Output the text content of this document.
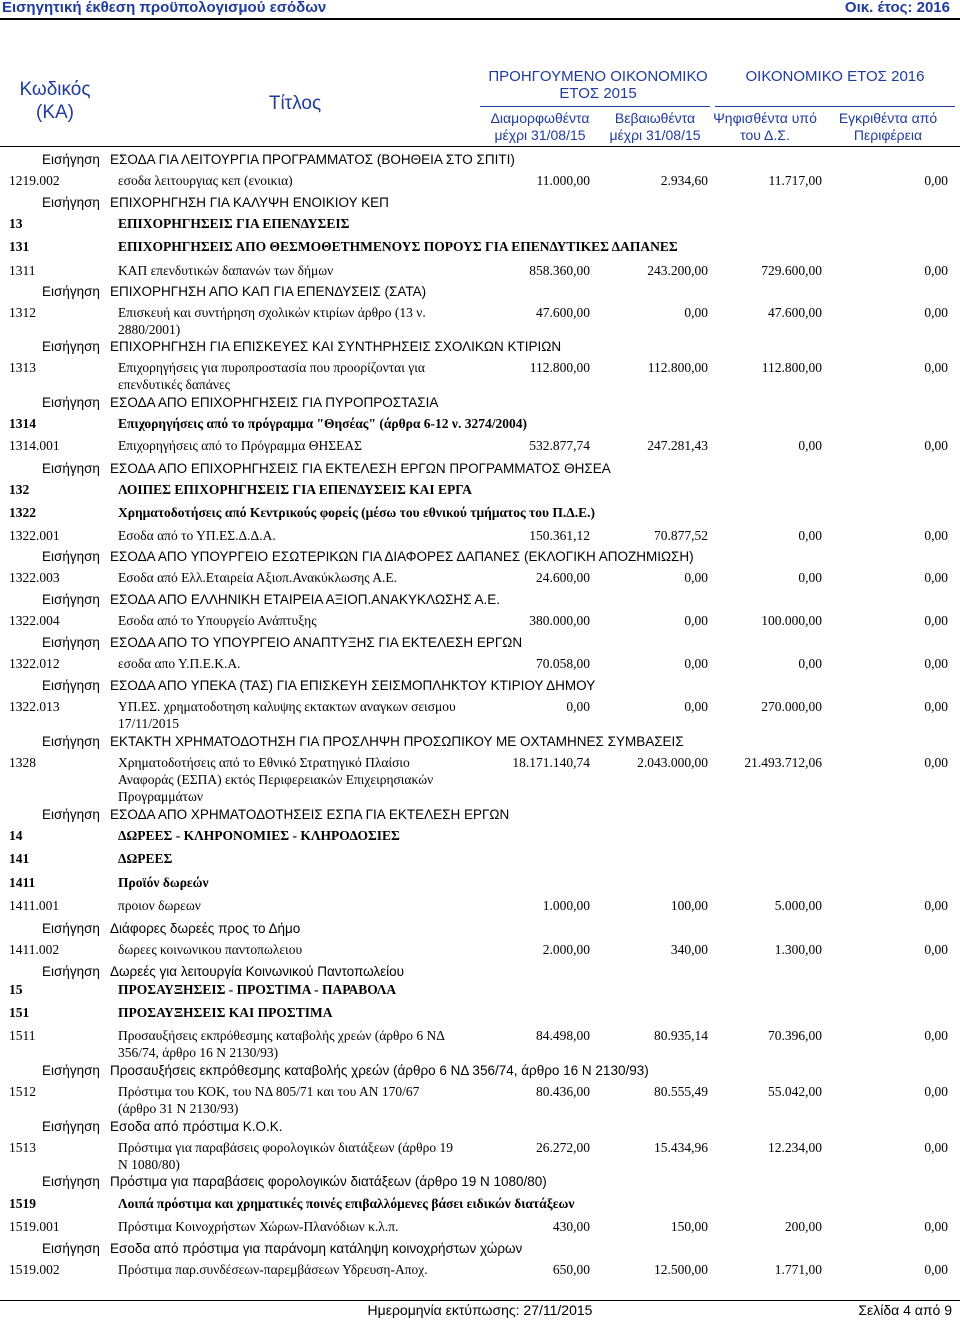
Εισηγητική έκθεση προϋπολογισμού εσόδων	Οικ. έτος: 2016
Κωδικός (ΚΑ)	Τίτλος
ΠΡΟΗΓΟΥΜΕΝΟ ΟΙΚΟΝΟΜΙΚΟ ΕΤΟΣ 2015
ΟΙΚΟΝΟΜΙΚΟ ΕΤΟΣ 2016
Διαμορφωθέντα μέχρι 31/08/15
Βεβαιωθέντα μέχρι 31/08/15
Ψηφισθέντα υπό του Δ.Σ.
Εγκριθέντα από Περιφέρεια
Εισήγηση ΕΣΟΔΑ ΓΙΑ ΛΕΙΤΟΥΡΓΙΑ ΠΡΟΓΡΑΜΜΑΤΟΣ (ΒΟΗΘΕΙΑ ΣΤΟ ΣΠΙΤΙ)
1219.002	εσοδα λειτουργιας κεπ (ενοικια)	11.000,00	2.934,60	11.717,00	0,00
Εισήγηση ΕΠΙΧΟΡΗΓΗΣΗ ΓΙΑ ΚΑΛΥΨΗ ΕΝΟΙΚΙΟΥ ΚΕΠ
13	ΕΠΙΧΟΡΗΓΗΣΕΙΣ ΓΙΑ ΕΠΕΝΔΥΣΕΙΣ
131	ΕΠΙΧΟΡΗΓΗΣΕΙΣ ΑΠΟ ΘΕΣΜΟΘΕΤΗΜΕΝΟΥΣ ΠΟΡΟΥΣ ΓΙΑ ΕΠΕΝΔΥΤΙΚΕΣ ΔΑΠΑΝΕΣ
1311	ΚΑΠ επενδυτικών δαπανών των δήμων	858.360,00	243.200,00	729.600,00	0,00
Εισήγηση ΕΠΙΧΟΡΗΓΗΣΗ ΑΠΟ ΚΑΠ ΓΙΑ ΕΠΕΝΔΥΣΕΙΣ (ΣΑΤΑ)
1312	Επισκευή και συντήρηση σχολικών κτιρίων άρθρο (13 ν. 2880/2001)
47.600,00	0,00	47.600,00	0,00
Εισήγηση ΕΠΙΧΟΡΗΓΗΣΗ ΓΙΑ ΕΠΙΣΚΕΥΕΣ ΚΑΙ ΣΥΝΤΗΡΗΣΕΙΣ ΣΧΟΛΙΚΩΝ ΚΤΙΡΙΩΝ
1313	Επιχορηγήσεις για πυροπροστασία που προορίζονται για επενδυτικές δαπάνες
112.800,00	112.800,00	112.800,00	0,00
Εισήγηση ΕΣΟΔΑ ΑΠΟ ΕΠΙΧΟΡΗΓΗΣΕΙΣ ΓΙΑ ΠΥΡΟΠΡΟΣΤΑΣΙΑ
1314	Επιχορηγήσεις από το πρόγραμμα "Θησέας" (άρθρα 6-12 ν. 3274/2004)
1314.001	Επιχορηγήσεις από το Πρόγραμμα ΘΗΣΕΑΣ	532.877,74	247.281,43	0,00	0,00
Εισήγηση ΕΣΟΔΑ ΑΠΟ ΕΠΙΧΟΡΗΓΗΣΕΙΣ ΓΙΑ ΕΚΤΕΛΕΣΗ ΕΡΓΩΝ ΠΡΟΓΡΑΜΜΑΤΟΣ ΘΗΣΕΑ
132	ΛΟΙΠΕΣ ΕΠΙΧΟΡΗΓΗΣΕΙΣ ΓΙΑ ΕΠΕΝΔΥΣΕΙΣ ΚΑΙ ΕΡΓΑ
1322	Χρηματοδοτήσεις από Κεντρικούς φορείς (μέσω του εθνικού τμήματος του Π.Δ.Ε.)
1322.001	Εσοδα από το ΥΠ.ΕΣ.Δ.Δ.Α.	150.361,12	70.877,52	0,00	0,00
Εισήγηση ΕΣΟΔΑ ΑΠΟ ΥΠΟΥΡΓΕΙΟ ΕΣΩΤΕΡΙΚΩΝ ΓΙΑ ΔΙΑΦΟΡΕΣ ΔΑΠΑΝΕΣ (ΕΚΛΟΓΙΚΗ ΑΠΟΖΗΜΙΩΣΗ)
1322.003	Εσοδα από Ελλ.Εταιρεία Αξιοπ.Ανακύκλωσης Α.Ε.	24.600,00	0,00	0,00	0,00
Εισήγηση ΕΣΟΔΑ ΑΠΟ ΕΛΛΗΝΙΚΗ ΕΤΑΙΡΕΙΑ ΑΞΙΟΠ.ΑΝΑΚΥΚΛΩΣΗΣ Α.Ε.
1322.004	Εσοδα από το Υπουργείο Ανάπτυξης	380.000,00	0,00	100.000,00	0,00
Εισήγηση ΕΣΟΔΑ ΑΠΟ ΤΟ ΥΠΟΥΡΓΕΙΟ ΑΝΑΠΤΥΞΗΣ ΓΙΑ ΕΚΤΕΛΕΣΗ ΕΡΓΩΝ
1322.012	εσοδα απο Υ.Π.Ε.Κ.Α.	70.058,00	0,00	0,00	0,00
Εισήγηση ΕΣΟΔΑ ΑΠΟ ΥΠΕΚΑ (ΤΑΣ) ΓΙΑ ΕΠΙΣΚΕΥΗ ΣΕΙΣΜΟΠΛΗΚΤΟΥ ΚΤΙΡΙΟΥ ΔΗΜΟΥ
1322.013	ΥΠ.ΕΣ. χρηματοδοτηση καλυψης εκτακτων αναγκων σεισμου 17/11/2015
0,00	0,00	270.000,00	0,00
Εισήγηση ΕΚΤΑΚΤΗ ΧΡΗΜΑΤΟΔΟΤΗΣΗ ΓΙΑ ΠΡΟΣΛΗΨΗ ΠΡΟΣΩΠΙΚΟΥ ΜΕ ΟΧΤΑΜΗΝΕΣ ΣΥΜΒΑΣΕΙΣ
1328	Χρηματοδοτήσεις από το Εθνικό Στρατηγικό Πλαίσιο Αναφοράς (ΕΣΠΑ) εκτός Περιφερειακών Επιχειρησιακών Προγραμμάτων
18.171.140,74	2.043.000,00	21.493.712,06	0,00
Εισήγηση ΕΣΟΔΑ ΑΠΟ ΧΡΗΜΑΤΟΔΟΤΗΣΕΙΣ ΕΣΠΑ ΓΙΑ ΕΚΤΕΛΕΣΗ ΕΡΓΩΝ
14	ΔΩΡΕΕΣ - ΚΛΗΡΟΝΟΜΙΕΣ - ΚΛΗΡΟΔΟΣΙΕΣ
141	ΔΩΡΕΕΣ
1411	Προϊόν δωρεών
1411.001	προιον δωρεων	1.000,00	100,00	5.000,00	0,00
Εισήγηση Διάφορες δωρεές προς το Δήμο
1411.002	δωρεες κοινωνικου παντοπωλειου	2.000,00	340,00	1.300,00	0,00
Εισήγηση Δωρεές για λειτουργία Κοινωνικού Παντοπωλείου
15	ΠΡΟΣΑΥΞΗΣΕΙΣ - ΠΡΟΣΤΙΜΑ - ΠΑΡΑΒΟΛΑ
151	ΠΡΟΣΑΥΞΗΣΕΙΣ ΚΑΙ ΠΡΟΣΤΙΜΑ
1511	Προσαυξήσεις εκπρόθεσμης καταβολής χρεών (άρθρο 6 ΝΔ 356/74, άρθρο 16 Ν 2130/93)
84.498,00	80.935,14	70.396,00	0,00
Εισήγηση Προσαυξήσεις εκπρόθεσμης καταβολής χρεών (άρθρο 6 ΝΔ 356/74, άρθρο 16 Ν 2130/93)
1512	Πρόστιμα του ΚΟΚ, του ΝΔ 805/71 και του ΑΝ 170/67 (άρθρο 31 Ν 2130/93)
80.436,00	80.555,49	55.042,00	0,00
Εισήγηση Εσοδα από πρόστιμα Κ.Ο.Κ.
1513	Πρόστιμα για παραβάσεις φορολογικών διατάξεων (άρθρο 19 Ν 1080/80)
26.272,00	15.434,96	12.234,00	0,00
Εισήγηση Πρόστιμα για παραβάσεις φορολογικών διατάξεων (άρθρο 19 Ν 1080/80)
1519	Λοιπά πρόστιμα και χρηματικές ποινές επιβαλλόμενες βάσει ειδικών διατάξεων
1519.001	Πρόστιμα Κοινοχρήστων Χώρων-Πλανόδιων κ.λ.π.	430,00	150,00	200,00	0,00
Εισήγηση Εσοδα από πρόστιμα για παράνομη κατάληψη κοινοχρήστων χώρων
1519.002	Πρόστιμα παρ.συνδέσεων-παρεμβάσεων Υδρευση-Αποχ.	650,00	12.500,00	1.771,00	0,00
Ημερομηνία εκτύπωσης: 27/11/2015	Σελίδα 4 από 9
